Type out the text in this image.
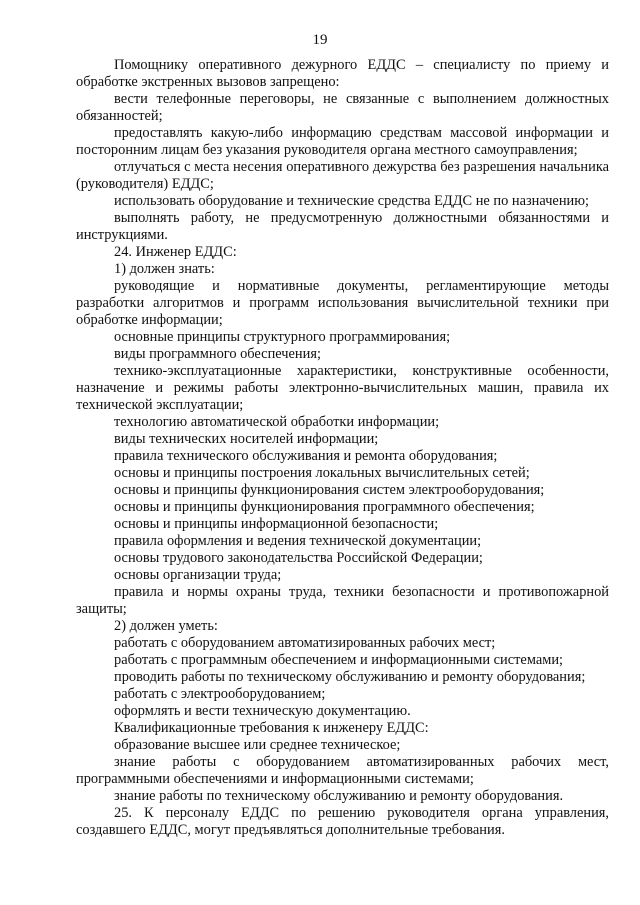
19

Помощнику оперативного дежурного ЕДДС – специалисту по приему и обработке экстренных вызовов запрещено:

вести телефонные переговоры, не связанные с выполнением должностных обязанностей;

предоставлять какую-либо информацию средствам массовой информации и посторонним лицам без указания руководителя органа местного самоуправления;

отлучаться с места несения оперативного дежурства без разрешения начальника (руководителя) ЕДДС;

использовать оборудование и технические средства ЕДДС не по назначению;

выполнять работу, не предусмотренную должностными обязанностями и инструкциями.

24. Инженер ЕДДС:

1) должен знать:

руководящие и нормативные документы, регламентирующие методы разработки алгоритмов и программ использования вычислительной техники при обработке информации;

основные принципы структурного программирования;

виды программного обеспечения;

технико-эксплуатационные характеристики, конструктивные особенности, назначение и режимы работы электронно-вычислительных машин, правила их технической эксплуатации;

технологию автоматической обработки информации;

виды технических носителей информации;

правила технического обслуживания и ремонта оборудования;

основы и принципы построения локальных вычислительных сетей;

основы и принципы функционирования систем электрооборудования;

основы и принципы функционирования программного обеспечения;

основы и принципы информационной безопасности;

правила оформления и ведения технической документации;

основы трудового законодательства Российской Федерации;

основы организации труда;

правила и нормы охраны труда, техники безопасности и противопожарной защиты;

2) должен уметь:

работать с оборудованием автоматизированных рабочих мест;

работать с программным обеспечением и информационными системами;

проводить работы по техническому обслуживанию и ремонту оборудования;

работать с электрооборудованием;

оформлять и вести техническую документацию.

Квалификационные требования к инженеру ЕДДС:

образование высшее или среднее техническое;

знание работы с оборудованием автоматизированных рабочих мест, программными обеспечениями и информационными системами;

знание работы по техническому обслуживанию и ремонту оборудования.

25. К персоналу ЕДДС по решению руководителя органа управления, создавшего ЕДДС, могут предъявляться дополнительные требования.
